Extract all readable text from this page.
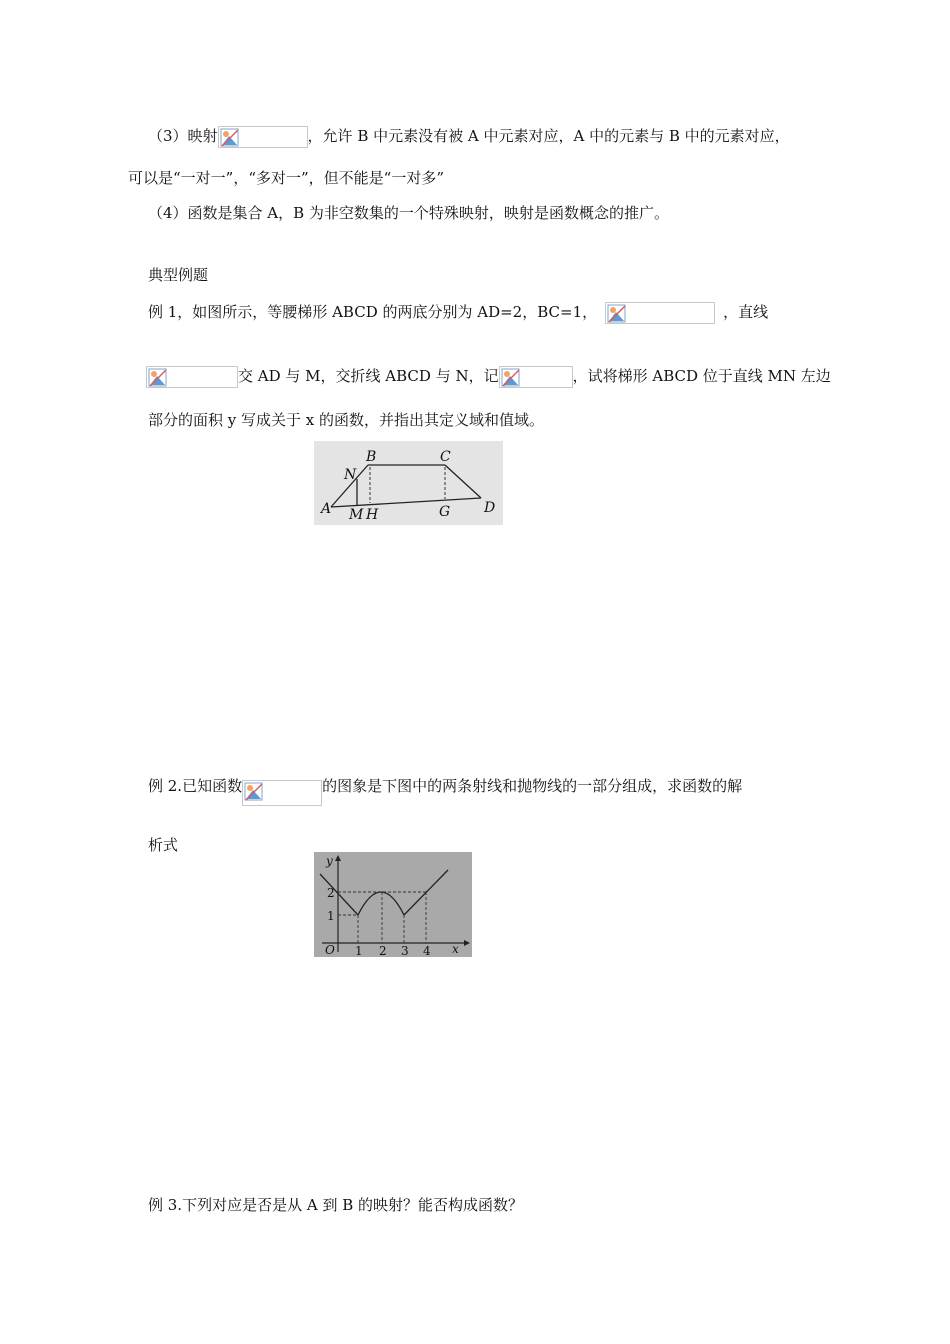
（3）映射	，允许 B 中元素没有被 A 中元素对应，A 中的元素与 B 中的元素对应，
可以是“一对一”，“多对一”，但不能是“一对多”
（4）函数是集合 A，B 为非空数集的一个特殊映射，映射是函数概念的推广。
典型例题
例 1，如图所示，等腰梯形 ABCD 的两底分别为 AD=2，BC=1，	，直线
交 AD 与 M，交折线 ABCD 与 N，记	，试将梯形 ABCD 位于直线 MN 左边
部分的面积 y 写成关于 x 的函数，并指出其定义域和值域。
B	C
N
A M H	G D
例 2.已知函数	的图象是下图中的两条射线和抛物线的一部分组成，求函数的解
析式
y
x
O
2
1
1 2 3 4
例 3.下列对应是否是从 A 到 B 的映射？能否构成函数？
